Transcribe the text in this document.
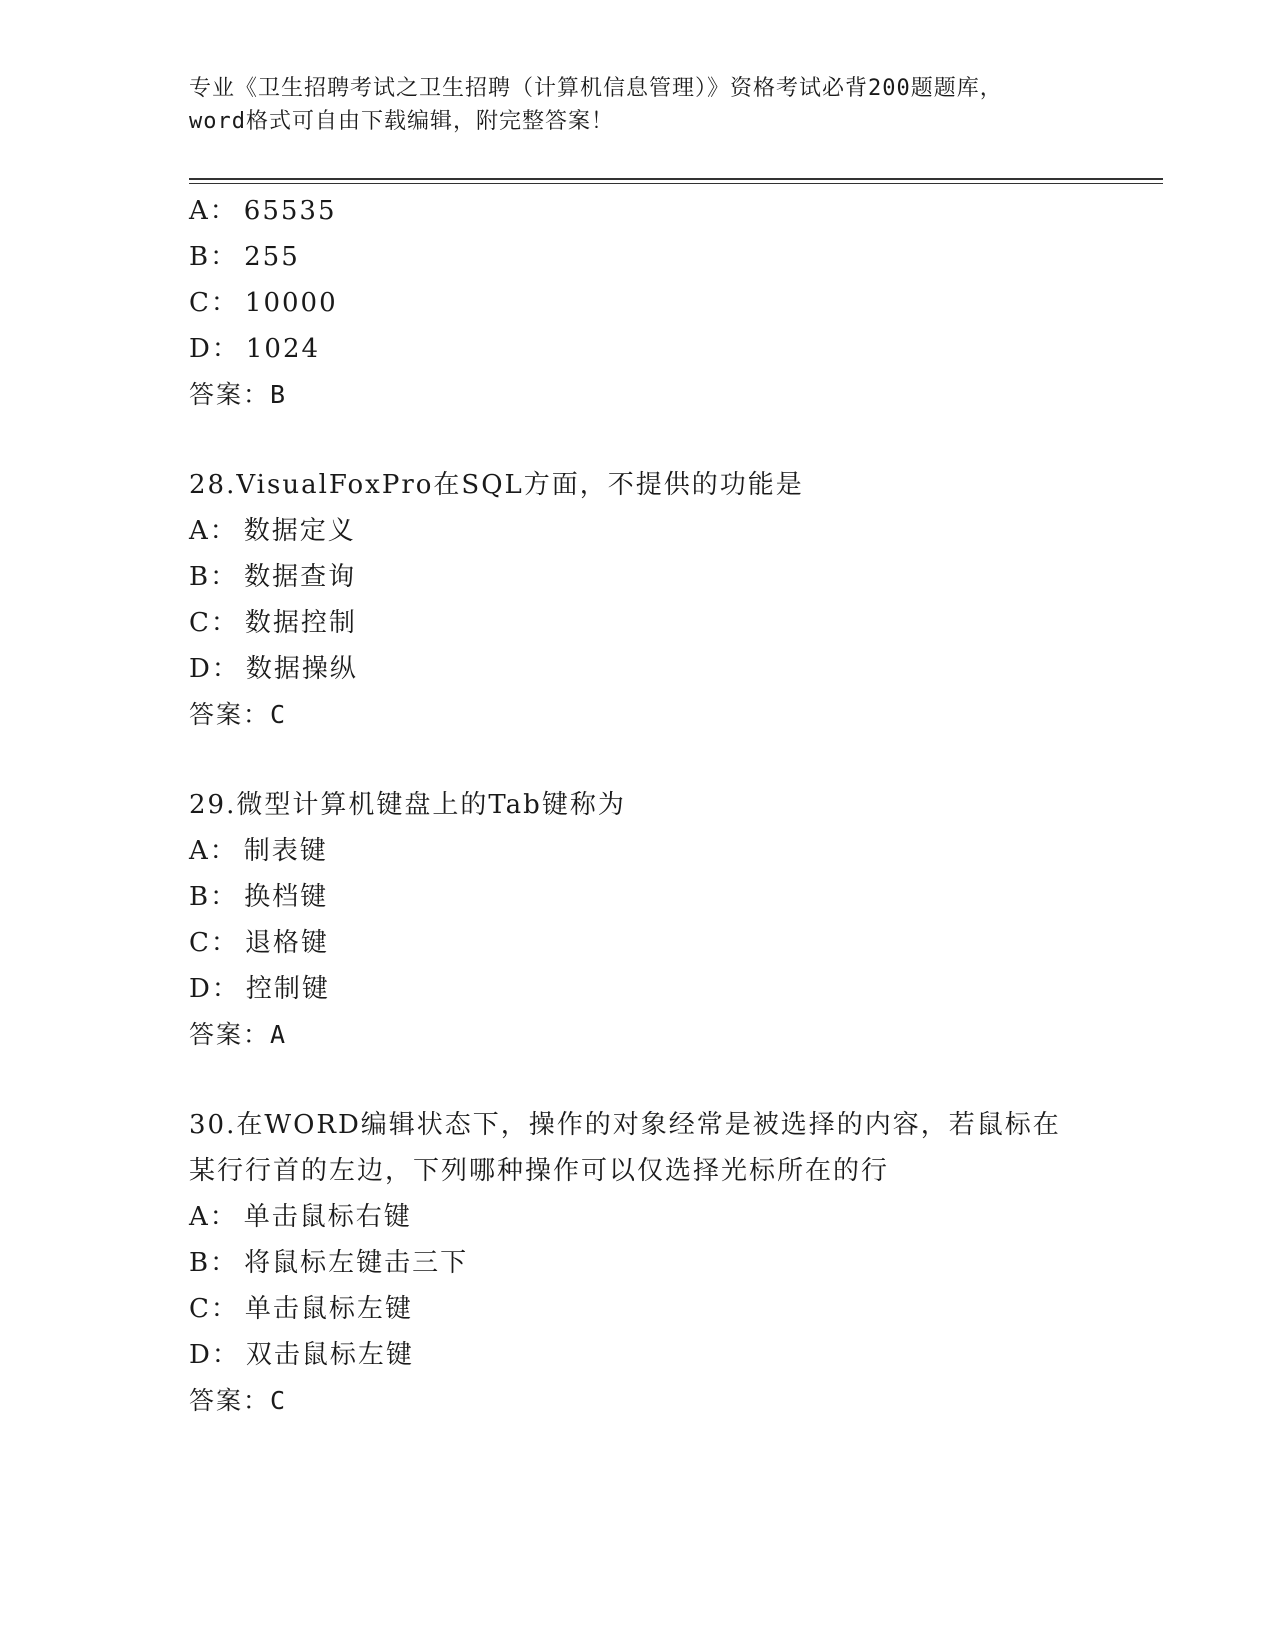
专业《卫生招聘考试之卫生招聘（计算机信息管理）》资格考试必背200题题库，
word格式可自由下载编辑，附完整答案！
A： 65535
B： 255
C： 10000
D： 1024
答案：B
28.VisualFoxPro在SQL方面，不提供的功能是
A： 数据定义
B： 数据查询
C： 数据控制
D： 数据操纵
答案：C
29.微型计算机键盘上的Tab键称为
A： 制表键
B： 换档键
C： 退格键
D： 控制键
答案：A
30.在WORD编辑状态下，操作的对象经常是被选择的内容，若鼠标在某行行首的左边，下列哪种操作可以仅选择光标所在的行
A： 单击鼠标右键
B： 将鼠标左键击三下
C： 单击鼠标左键
D： 双击鼠标左键
答案：C
